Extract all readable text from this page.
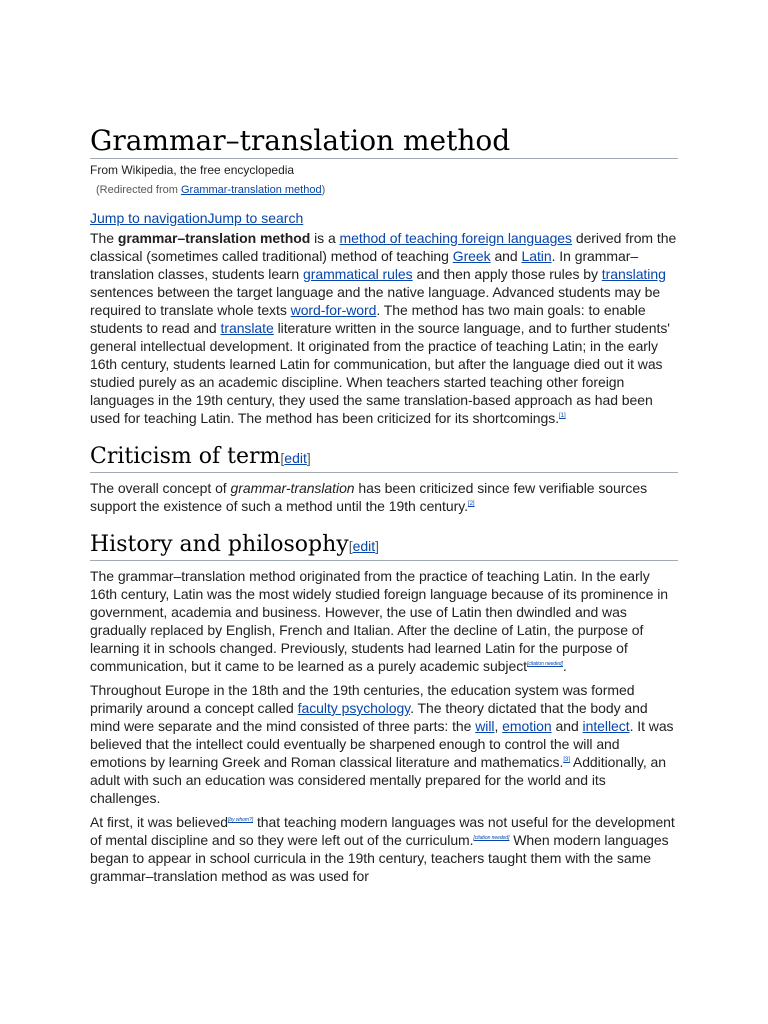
Grammar–translation method
From Wikipedia, the free encyclopedia
(Redirected from Grammar-translation method)
Jump to navigationJump to search

The grammar–translation method is a method of teaching foreign languages derived from the classical (sometimes called traditional) method of teaching Greek and Latin. In grammar–translation classes, students learn grammatical rules and then apply those rules by translating sentences between the target language and the native language. Advanced students may be required to translate whole texts word-for-word. The method has two main goals: to enable students to read and translate literature written in the source language, and to further students' general intellectual development. It originated from the practice of teaching Latin; in the early 16th century, students learned Latin for communication, but after the language died out it was studied purely as an academic discipline. When teachers started teaching other foreign languages in the 19th century, they used the same translation-based approach as had been used for teaching Latin. The method has been criticized for its shortcomings.[1]

Criticism of term[edit]

The overall concept of grammar-translation has been criticized since few verifiable sources support the existence of such a method until the 19th century.[2]

History and philosophy[edit]

The grammar–translation method originated from the practice of teaching Latin. In the early 16th century, Latin was the most widely studied foreign language because of its prominence in government, academia and business. However, the use of Latin then dwindled and was gradually replaced by English, French and Italian. After the decline of Latin, the purpose of learning it in schools changed. Previously, students had learned Latin for the purpose of communication, but it came to be learned as a purely academic subject[citation needed].

Throughout Europe in the 18th and the 19th centuries, the education system was formed primarily around a concept called faculty psychology. The theory dictated that the body and mind were separate and the mind consisted of three parts: the will, emotion and intellect. It was believed that the intellect could eventually be sharpened enough to control the will and emotions by learning Greek and Roman classical literature and mathematics.[3] Additionally, an adult with such an education was considered mentally prepared for the world and its challenges.

At first, it was believed[by whom?] that teaching modern languages was not useful for the development of mental discipline and so they were left out of the curriculum.[citation needed] When modern languages began to appear in school curricula in the 19th century, teachers taught them with the same grammar–translation method as was used for
